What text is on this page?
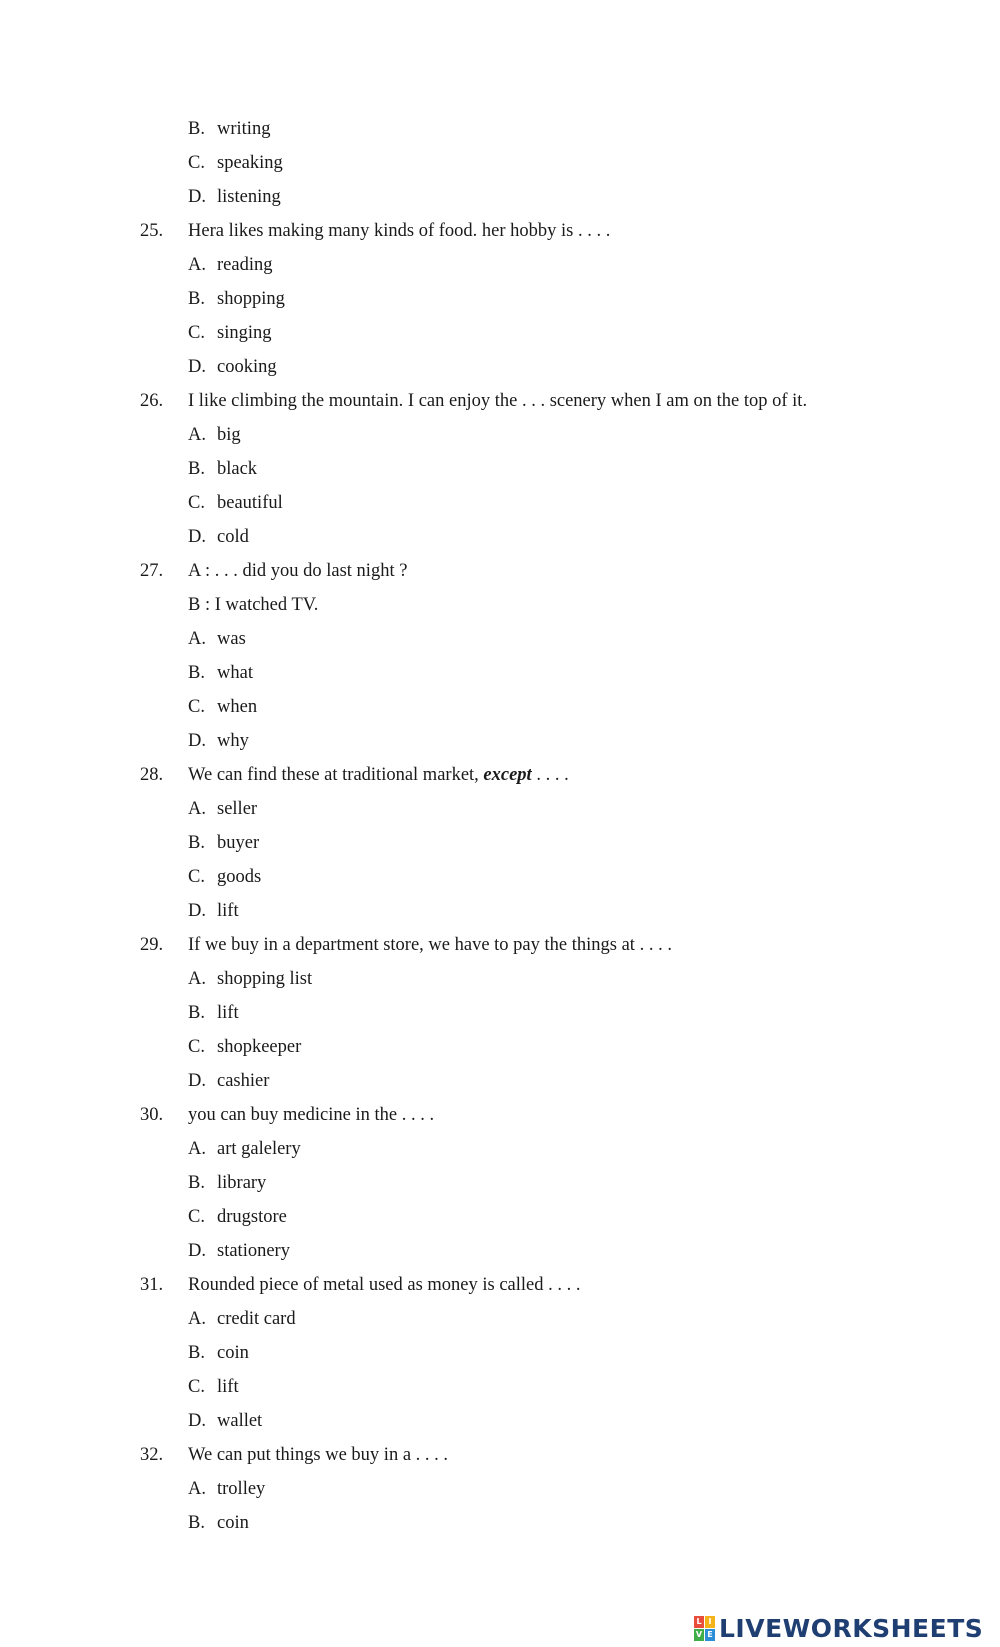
B. writing
C. speaking
D. listening
25. Hera likes making many kinds of food. her hobby is . . . .
A. reading
B. shopping
C. singing
D. cooking
26. I like climbing the mountain. I can enjoy the . . . scenery when I am on the top of it.
A. big
B. black
C. beautiful
D. cold
27. A : . . . did you do last night ?
B : I watched TV.
A. was
B. what
C. when
D. why
28. We can find these at traditional market, except . . . .
A. seller
B. buyer
C. goods
D. lift
29. If we buy in a department store, we have to pay the things at . . . .
A. shopping list
B. lift
C. shopkeeper
D. cashier
30. you can buy medicine in the . . . .
A. art galelery
B. library
C. drugstore
D. stationery
31. Rounded piece of metal used as money is called . . . .
A. credit card
B. coin
C. lift
D. wallet
32. We can put things we buy in a . . . .
A. trolley
B. coin
L I
V E LIVEWORKSHEETS
